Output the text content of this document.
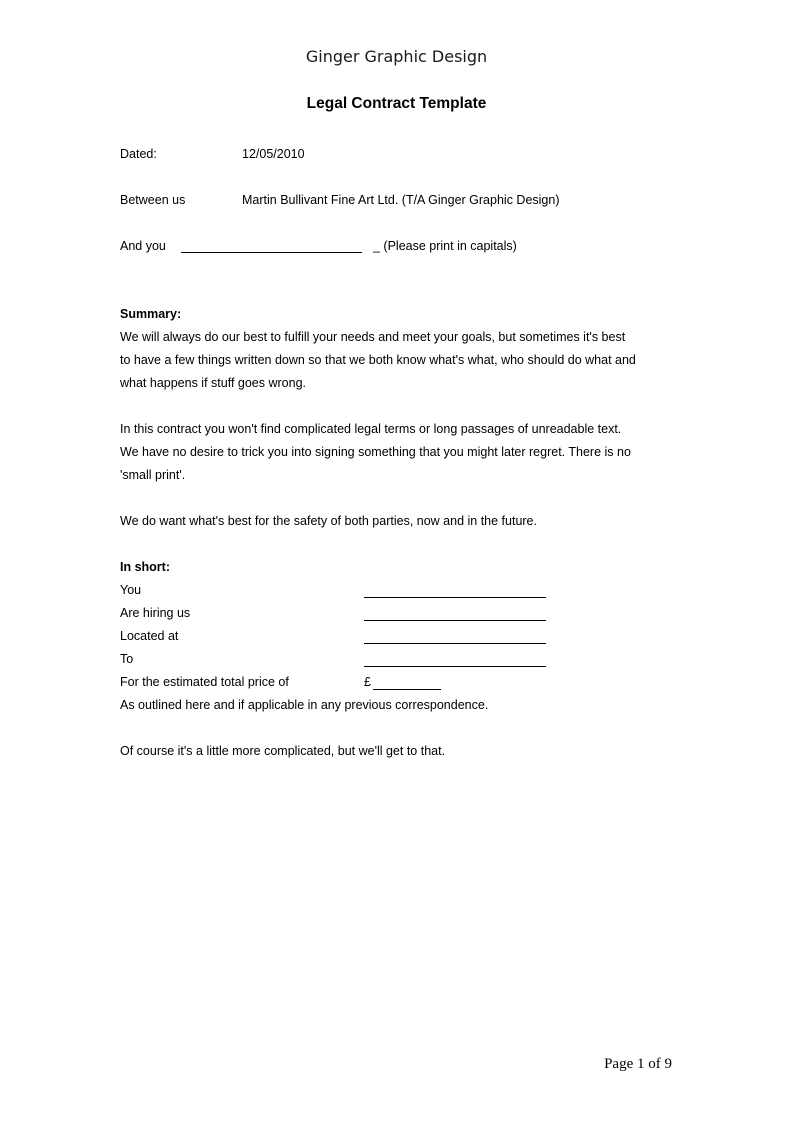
Ginger Graphic Design
Legal Contract Template
Dated:	12/05/2010
Between us	Martin Bullivant Fine Art Ltd. (T/A Ginger Graphic Design)
And you	_ (Please print in capitals)
Summary:
We will always do our best to fulfill your needs and meet your goals, but sometimes it's best
to have a few things written down so that we both know what's what, who should do what and
what happens if stuff goes wrong.
In this contract you won't find complicated legal terms or long passages of unreadable text.
We have no desire to trick you into signing something that you might later regret. There is no
'small print'.
We do want what's best for the safety of both parties, now and in the future.
In short:
You
Are hiring us
Located at
To
For the estimated total price of	£
As outlined here and if applicable in any previous correspondence.
Of course it's a little more complicated, but we'll get to that.
Page 1 of 9
